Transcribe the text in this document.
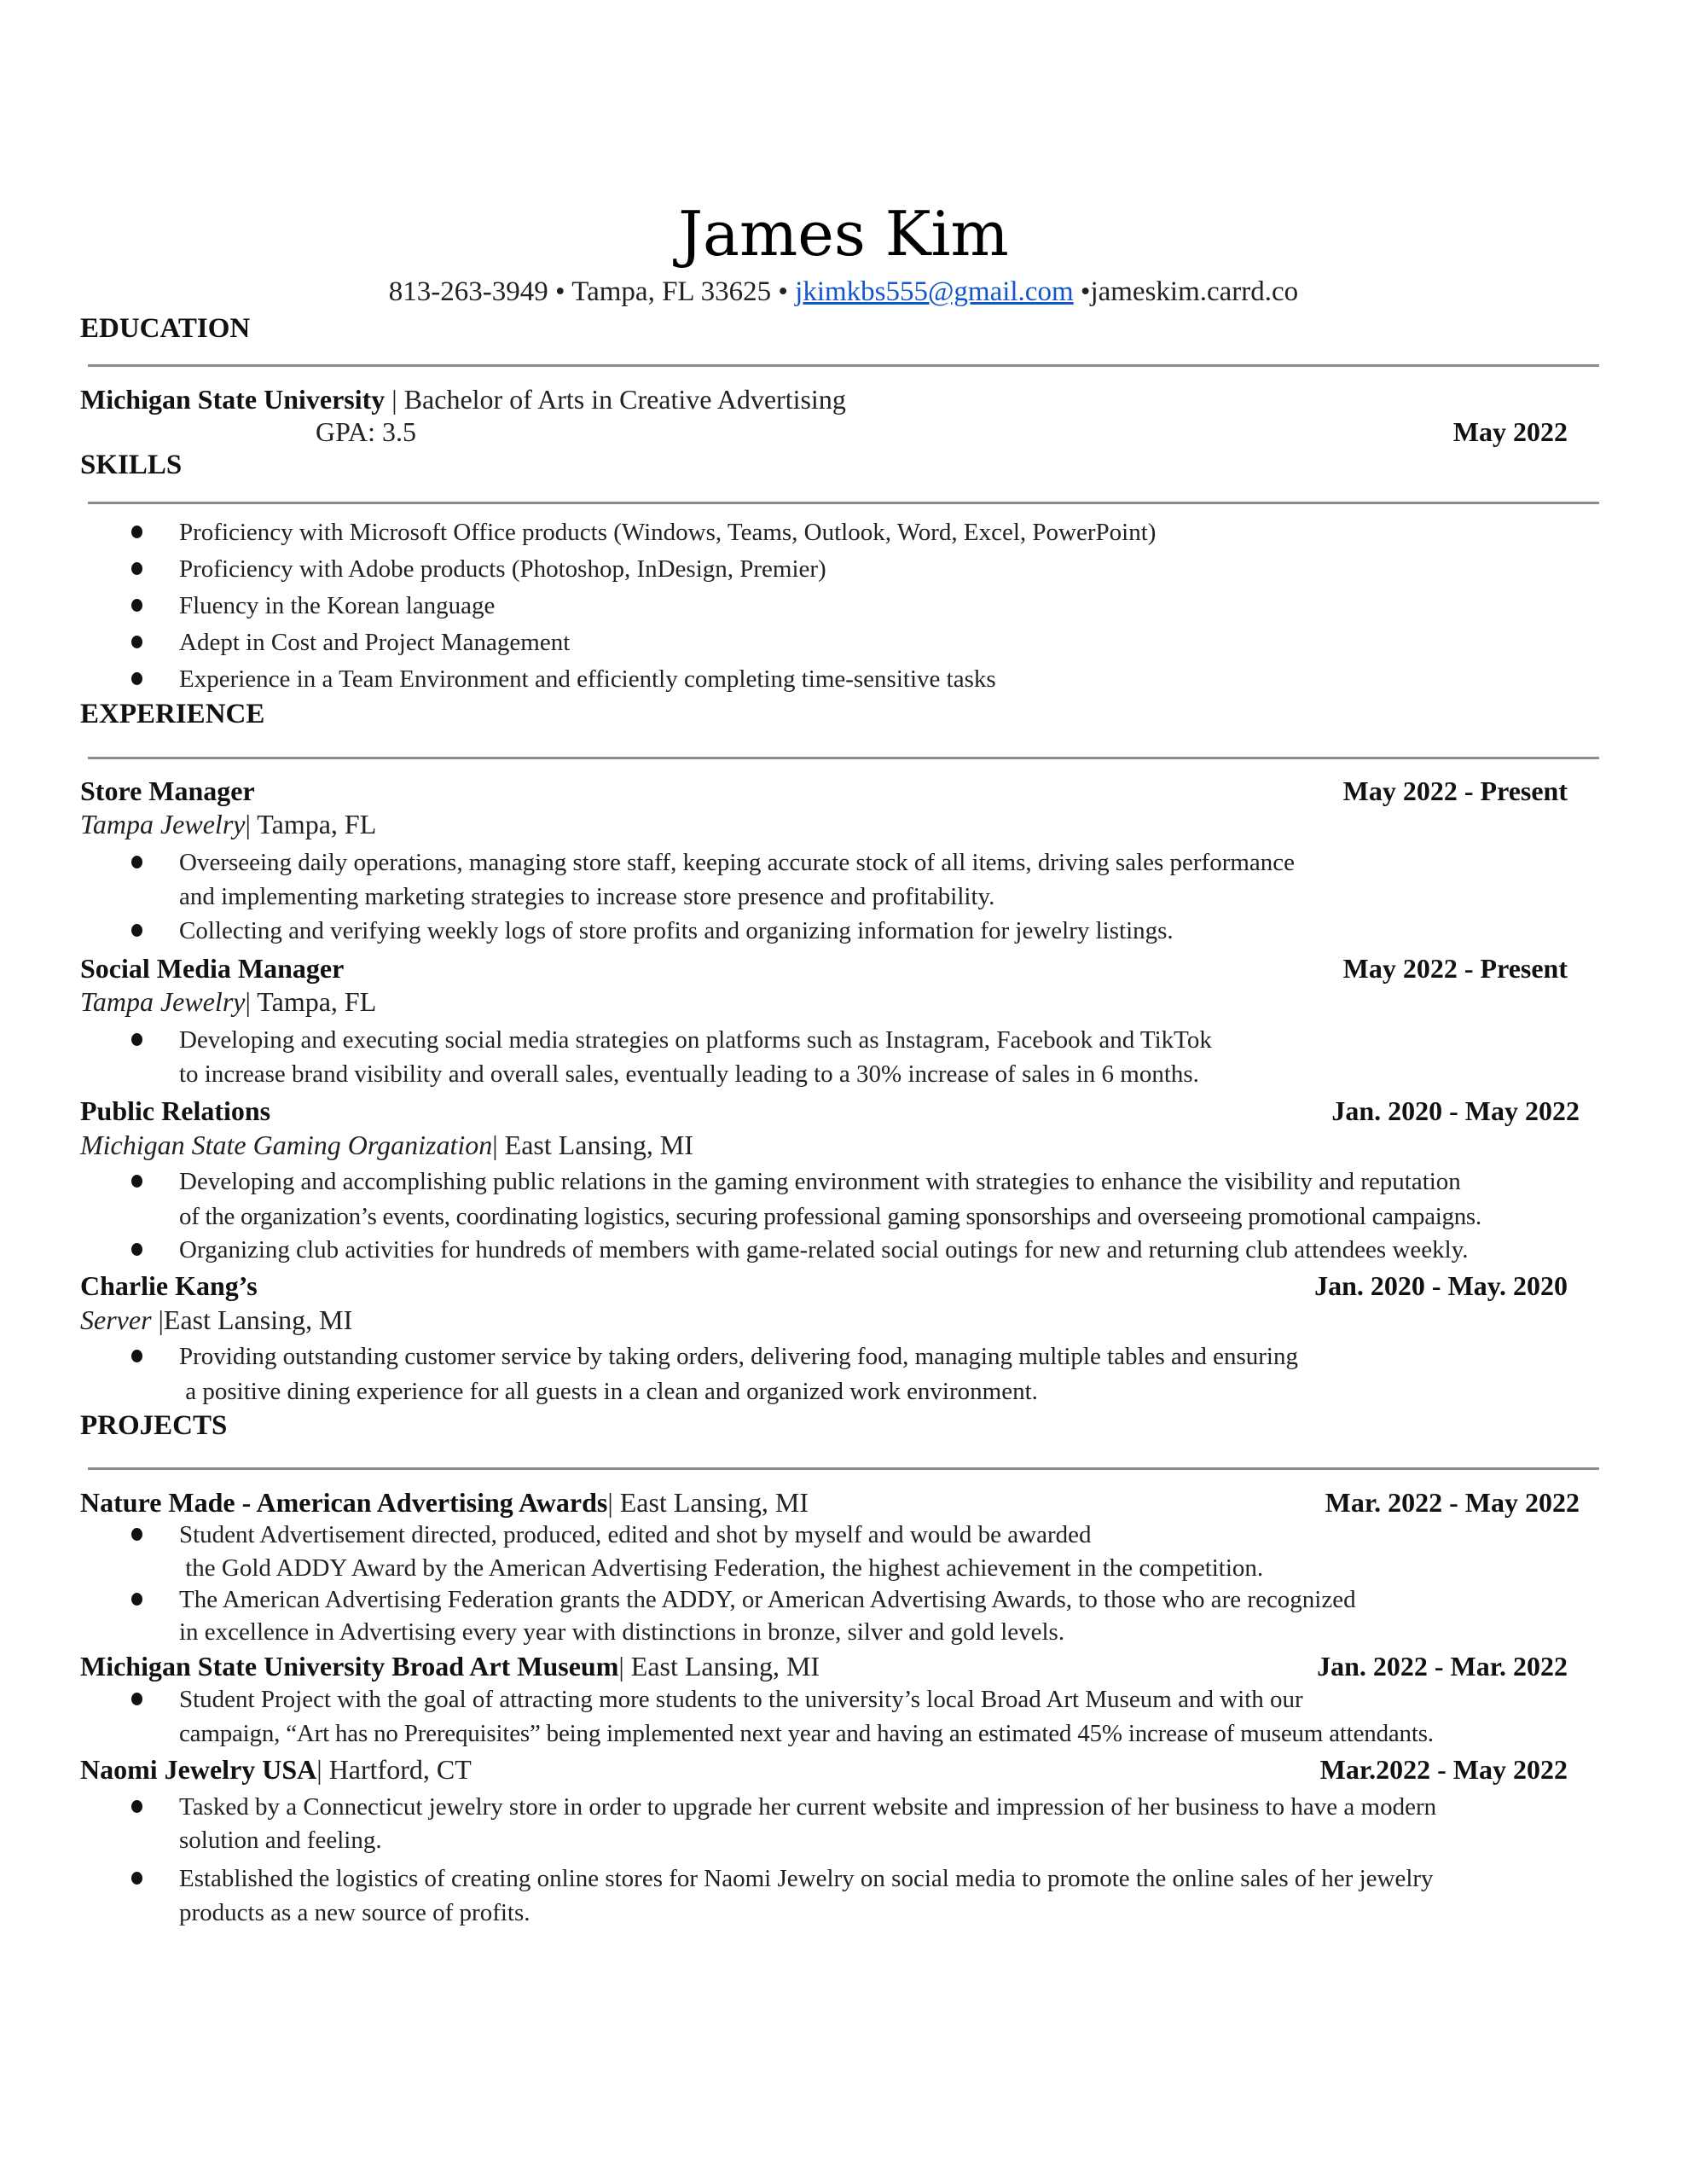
James Kim
813-263-3949 • Tampa, FL 33625 • jkimkbs555@gmail.com •jameskim.carrd.co
EDUCATION
Michigan State University | Bachelor of Arts in Creative Advertising
GPA: 3.5	May 2022
SKILLS
Proficiency with Microsoft Office products (Windows, Teams, Outlook, Word, Excel, PowerPoint)
Proficiency with Adobe products (Photoshop, InDesign, Premier)
Fluency in the Korean language
Adept in Cost and Project Management
Experience in a Team Environment and efficiently completing time-sensitive tasks
EXPERIENCE
Store Manager	May 2022 - Present
Tampa Jewelry| Tampa, FL
Overseeing daily operations, managing store staff, keeping accurate stock of all items, driving sales performance
and implementing marketing strategies to increase store presence and profitability.
Collecting and verifying weekly logs of store profits and organizing information for jewelry listings.
Social Media Manager	May 2022 - Present
Tampa Jewelry| Tampa, FL
Developing and executing social media strategies on platforms such as Instagram, Facebook and TikTok
to increase brand visibility and overall sales, eventually leading to a 30% increase of sales in 6 months.
Public Relations	Jan. 2020 - May 2022
Michigan State Gaming Organization| East Lansing, MI
Developing and accomplishing public relations in the gaming environment with strategies to enhance the visibility and reputation
of the organization’s events, coordinating logistics, securing professional gaming sponsorships and overseeing promotional campaigns.
Organizing club activities for hundreds of members with game-related social outings for new and returning club attendees weekly.
Charlie Kang’s	Jan. 2020 - May. 2020
Server |East Lansing, MI
Providing outstanding customer service by taking orders, delivering food, managing multiple tables and ensuring
a positive dining experience for all guests in a clean and organized work environment.
PROJECTS
Nature Made - American Advertising Awards| East Lansing, MI	Mar. 2022 - May 2022
Student Advertisement directed, produced, edited and shot by myself and would be awarded
the Gold ADDY Award by the American Advertising Federation, the highest achievement in the competition.
The American Advertising Federation grants the ADDY, or American Advertising Awards, to those who are recognized
in excellence in Advertising every year with distinctions in bronze, silver and gold levels.
Michigan State University Broad Art Museum| East Lansing, MI	Jan. 2022 - Mar. 2022
Student Project with the goal of attracting more students to the university’s local Broad Art Museum and with our
campaign, “Art has no Prerequisites” being implemented next year and having an estimated 45% increase of museum attendants.
Naomi Jewelry USA| Hartford, CT	Mar.2022 - May 2022
Tasked by a Connecticut jewelry store in order to upgrade her current website and impression of her business to have a modern
solution and feeling.
Established the logistics of creating online stores for Naomi Jewelry on social media to promote the online sales of her jewelry
products as a new source of profits.
